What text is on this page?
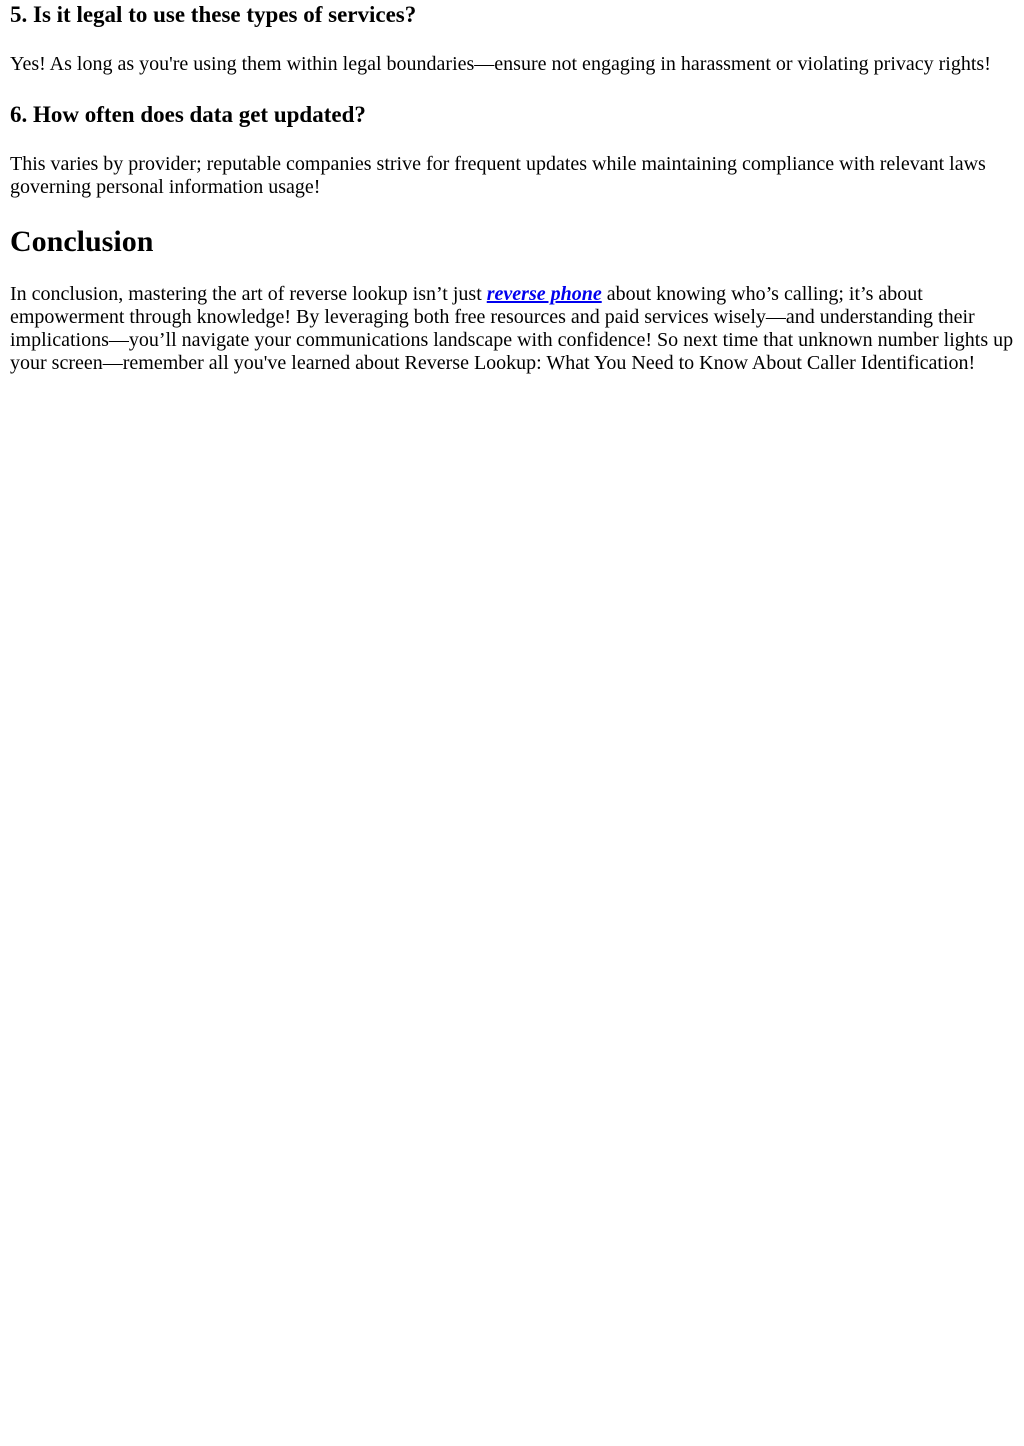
5. Is it legal to use these types of services?

Yes! As long as you're using them within legal boundaries—ensure not engaging in harassment or violating privacy rights!

6. How often does data get updated?

This varies by provider; reputable companies strive for frequent updates while maintaining compliance with relevant laws governing personal information usage!

Conclusion

In conclusion, mastering the art of reverse lookup isn’t just reverse phone about knowing who’s calling; it’s about empowerment through knowledge! By leveraging both free resources and paid services wisely—and understanding their implications—you’ll navigate your communications landscape with confidence! So next time that unknown number lights up your screen—remember all you've learned about Reverse Lookup: What You Need to Know About Caller Identification!
